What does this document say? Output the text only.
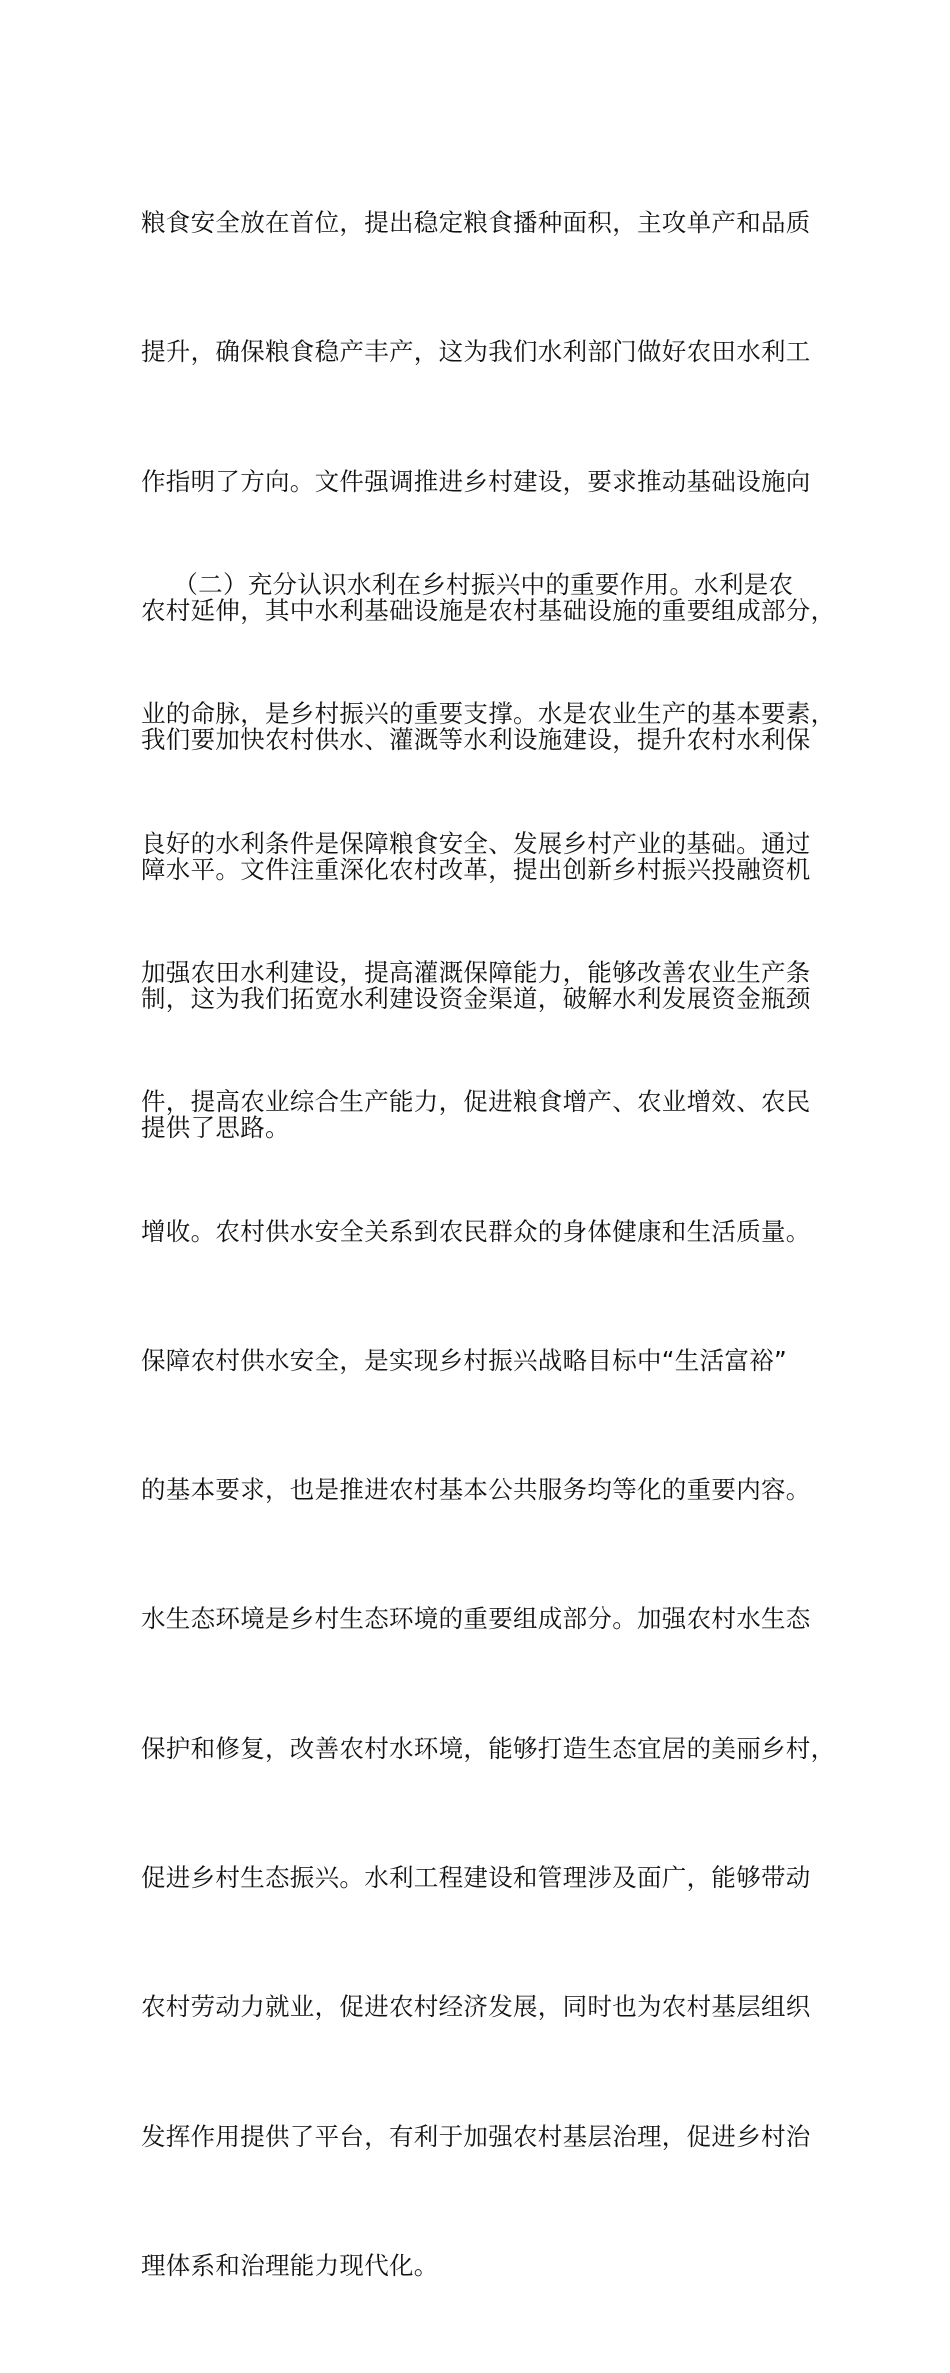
粮食安全放在首位，提出稳定粮食播种面积，主攻单产和品质

提升，确保粮食稳产丰产，这为我们水利部门做好农田水利工

作指明了方向。文件强调推进乡村建设，要求推动基础设施向

农村延伸，其中水利基础设施是农村基础设施的重要组成部分，

我们要加快农村供水、灌溉等水利设施建设，提升农村水利保

障水平。文件注重深化农村改革，提出创新乡村振兴投融资机

制，这为我们拓宽水利建设资金渠道，破解水利发展资金瓶颈

提供了思路。

（二）充分认识水利在乡村振兴中的重要作用。水利是农

业的命脉，是乡村振兴的重要支撑。水是农业生产的基本要素，

良好的水利条件是保障粮食安全、发展乡村产业的基础。通过

加强农田水利建设，提高灌溉保障能力，能够改善农业生产条

件，提高农业综合生产能力，促进粮食增产、农业增效、农民

增收。农村供水安全关系到农民群众的身体健康和生活质量。

保障农村供水安全，是实现乡村振兴战略目标中“生活富裕”

的基本要求，也是推进农村基本公共服务均等化的重要内容。

水生态环境是乡村生态环境的重要组成部分。加强农村水生态

保护和修复，改善农村水环境，能够打造生态宜居的美丽乡村，

促进乡村生态振兴。水利工程建设和管理涉及面广，能够带动

农村劳动力就业，促进农村经济发展，同时也为农村基层组织

发挥作用提供了平台，有利于加强农村基层治理，促进乡村治

理体系和治理能力现代化。
